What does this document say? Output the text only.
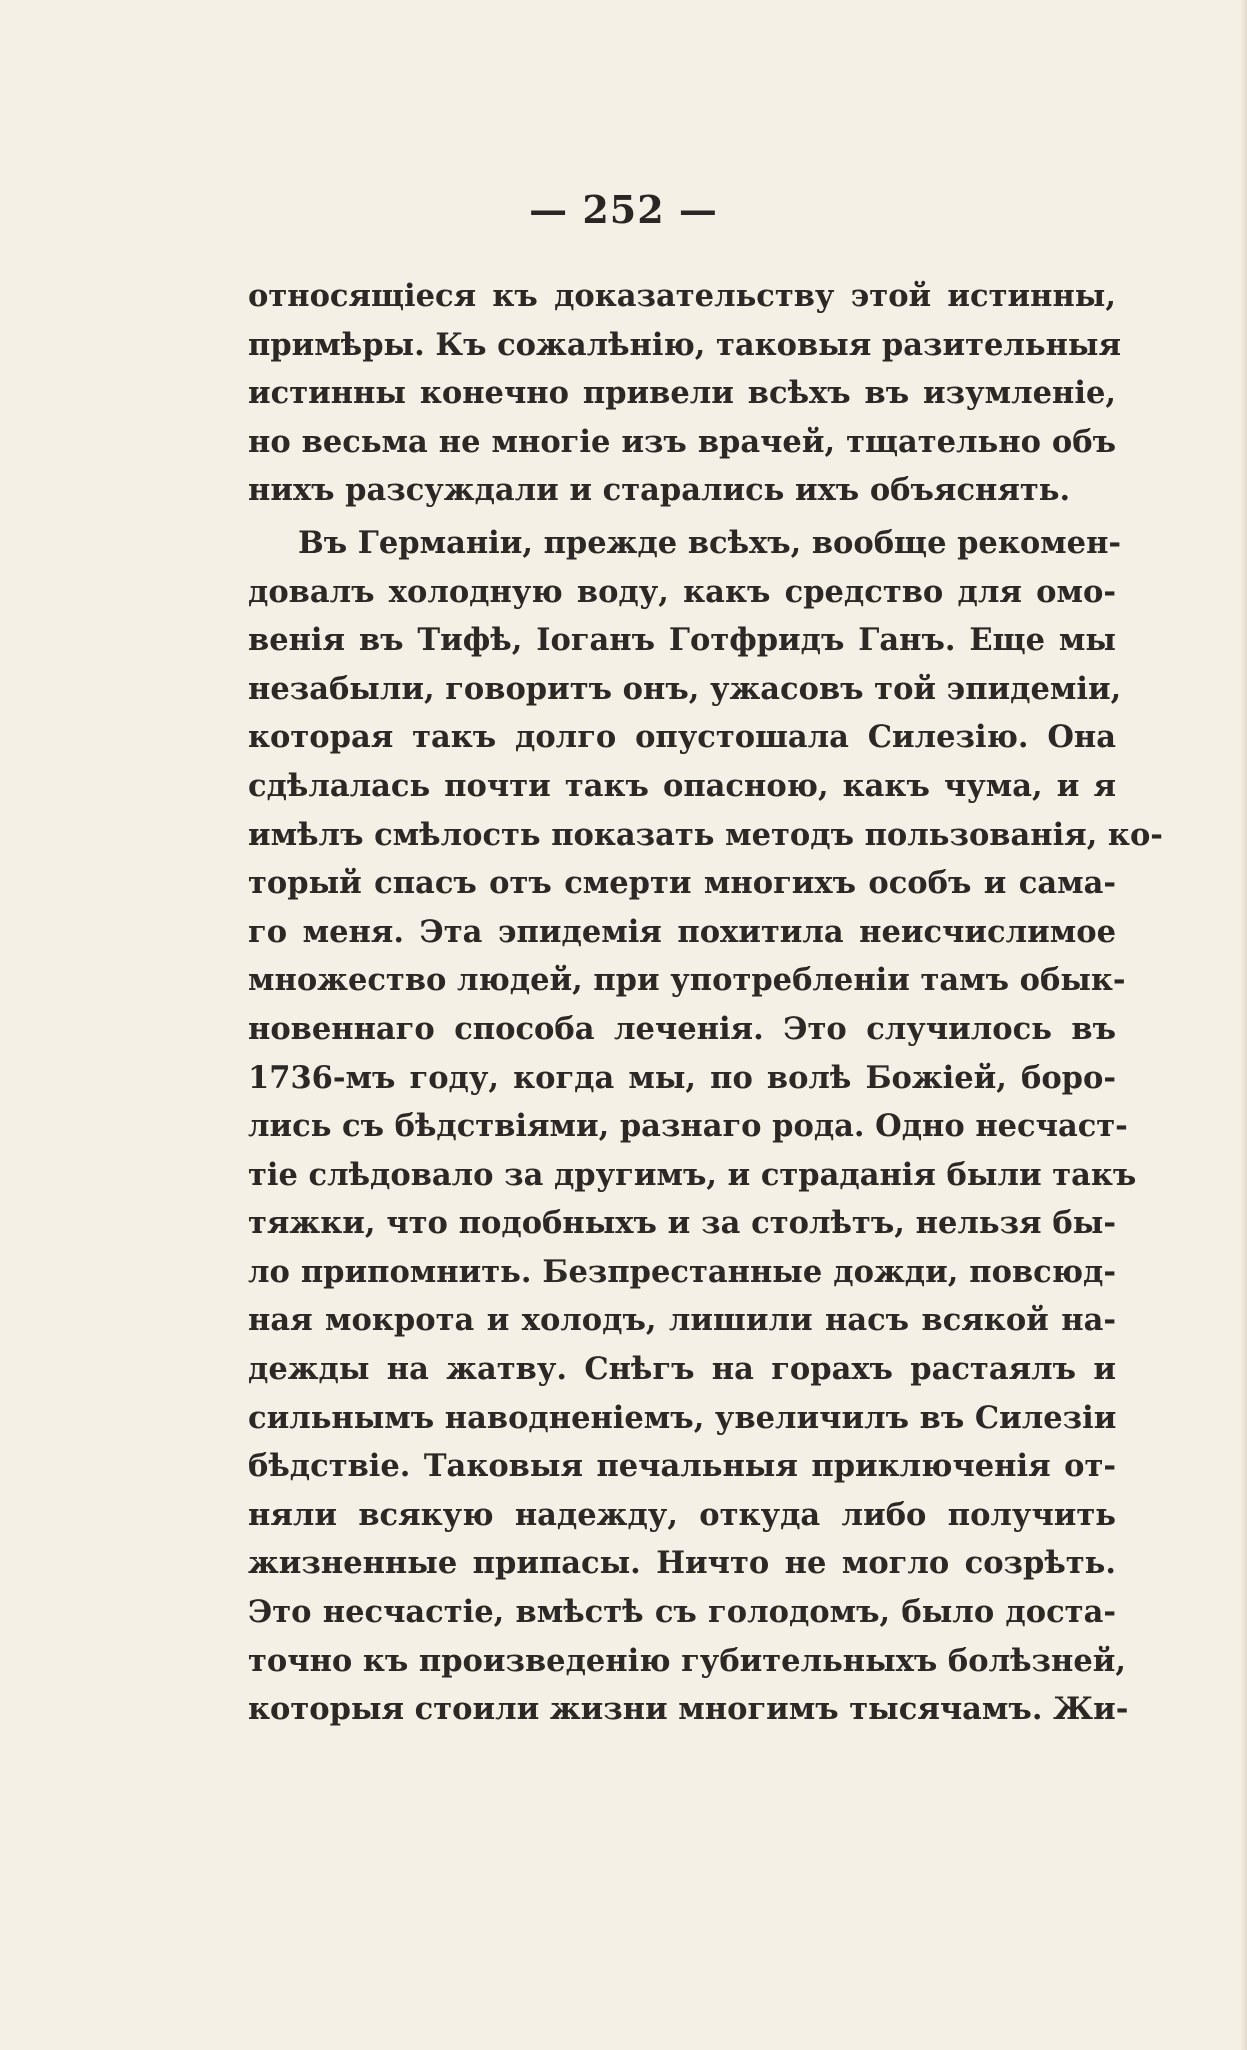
— 252 —
относящіеся къ доказательству этой истинны,
примѣры. Къ сожалѣнію, таковыя разительныя
истинны конечно привели всѣхъ въ изумленіе,
но весьма не многіе изъ врачей, тщательно объ
нихъ разсуждали и старались ихъ объяснять.
Въ Германіи, прежде всѣхъ, вообще рекомен-
довалъ холодную воду, какъ средство для омо-
венія въ Тифѣ, Іоганъ Готфридъ Ганъ. Еще мы
незабыли, говоритъ онъ, ужасовъ той эпидеміи,
которая такъ долго опустошала Силезію. Она
сдѣлалась почти такъ опасною, какъ чума, и я
имѣлъ смѣлость показать методъ пользованія, ко-
торый спасъ отъ смерти многихъ особъ и сама-
го меня. Эта эпидемія похитила неисчислимое
множество людей, при употребленіи тамъ обык-
новеннаго способа леченія. Это случилось въ
1736-мъ году, когда мы, по волѣ Божіей, боро-
лись съ бѣдствіями, разнаго рода. Одно несчаст-
тіе слѣдовало за другимъ, и страданія были такъ
тяжки, что подобныхъ и за столѣтъ, нельзя бы-
ло припомнить. Безпрестанные дожди, повсюд-
ная мокрота и холодъ, лишили насъ всякой на-
дежды на жатву. Снѣгъ на горахъ растаялъ и
сильнымъ наводненіемъ, увеличилъ въ Силезіи
бѣдствіе. Таковыя печальныя приключенія от-
няли всякую надежду, откуда либо получить
жизненные припасы. Ничто не могло созрѣть.
Это несчастіе, вмѣстѣ съ голодомъ, было доста-
точно къ произведенію губительныхъ болѣзней,
которыя стоили жизни многимъ тысячамъ. Жи-
